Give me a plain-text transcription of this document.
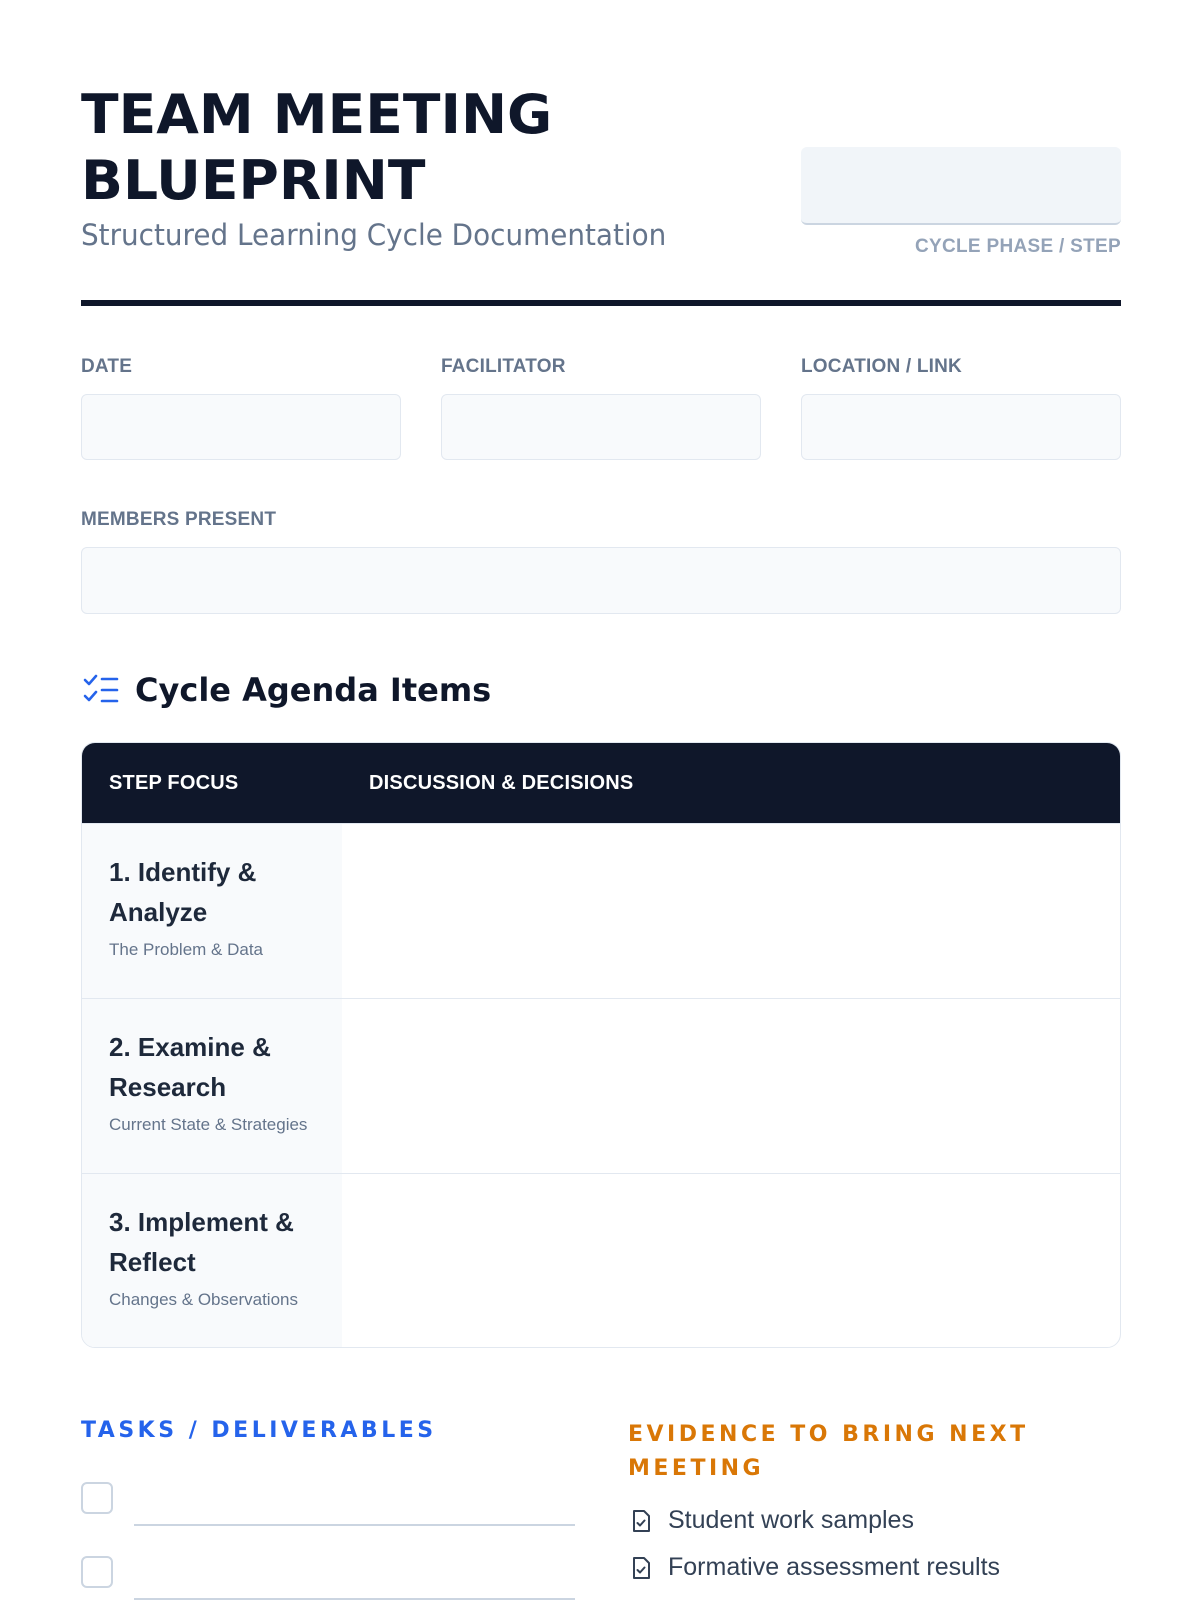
TEAM MEETING
BLUEPRINT
Structured Learning Cycle Documentation	CYCLE PHASE / STEP
DATE	FACILITATOR	LOCATION / LINK
MEMBERS PRESENT
Cycle Agenda Items
STEP FOCUS	DISCUSSION & DECISIONS
1. Identify & Analyze
The Problem & Data
2. Examine & Research
Current State & Strategies
3. Implement & Reflect
Changes & Observations
TASKS / DELIVERABLES	EVIDENCE TO BRING NEXT MEETING
Student work samples
Formative assessment results
